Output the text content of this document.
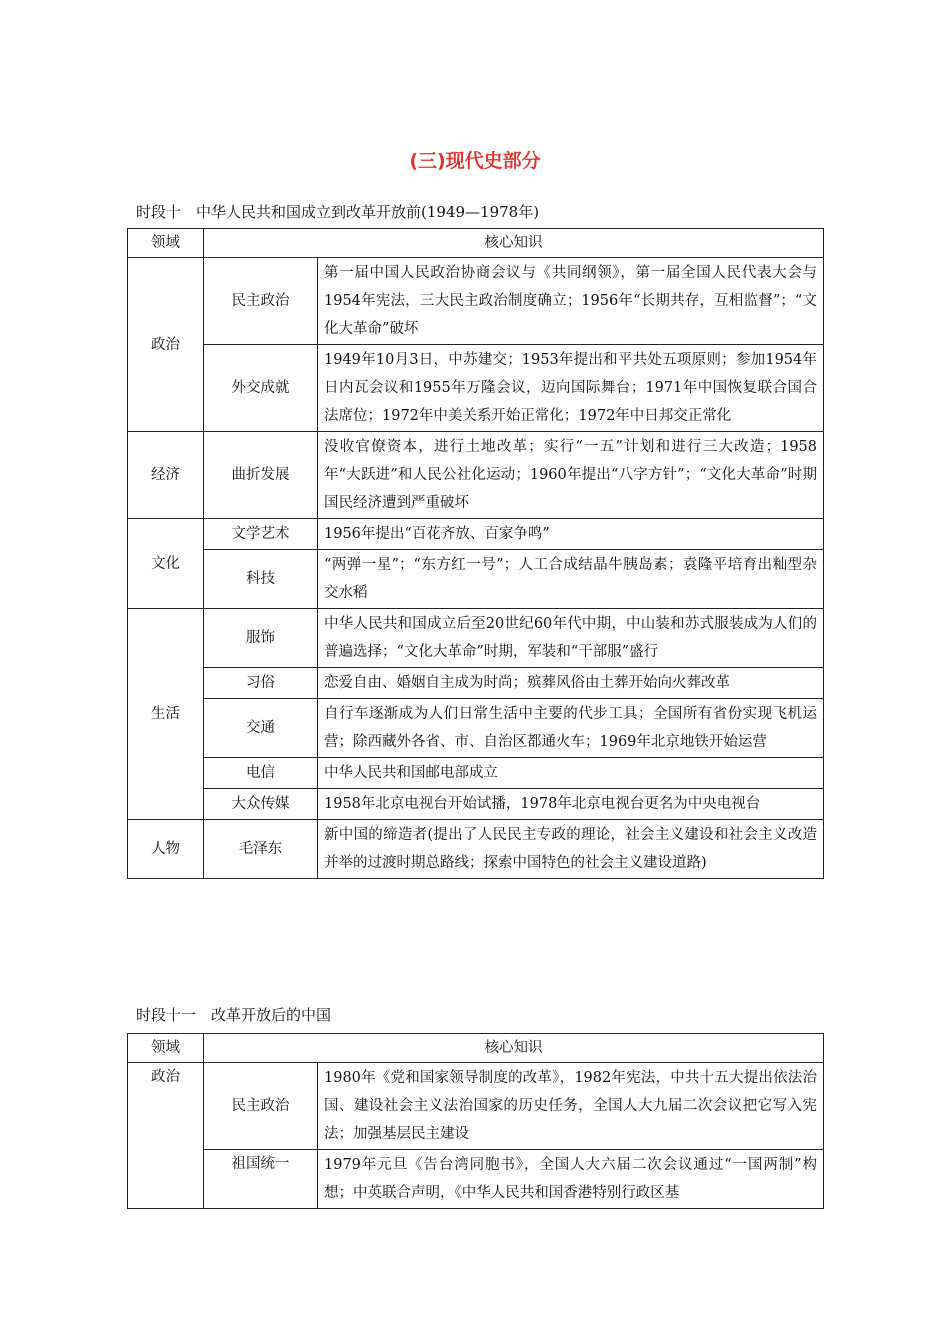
(三)现代史部分
时段十　中华人民共和国成立到改革开放前(1949—1978年)
领域	核心知识	
政治	民主政治	第一届中国人民政治协商会议与《共同纲领》，第一届全国人民代表大会与1954年宪法，三大民主政治制度确立；1956年“长期共存，互相监督”；“文化大革命”破坏
	外交成就	1949年10月3日，中苏建交；1953年提出和平共处五项原则；参加1954年日内瓦会议和1955年万隆会议，迈向国际舞台；1971年中国恢复联合国合法席位；1972年中美关系开始正常化；1972年中日邦交正常化
经济	曲折发展	没收官僚资本，进行土地改革；实行“一五”计划和进行三大改造；1958年“大跃进”和人民公社化运动；1960年提出“八字方针”；“文化大革命”时期国民经济遭到严重破坏
文化	文学艺术	1956年提出“百花齐放、百家争鸣”
	科技	“两弹一星”；“东方红一号”；人工合成结晶牛胰岛素；袁隆平培育出籼型杂交水稻
生活	服饰	中华人民共和国成立后至20世纪60年代中期，中山装和苏式服装成为人们的普遍选择；“文化大革命”时期，军装和“干部服”盛行
	习俗	恋爱自由、婚姻自主成为时尚；殡葬风俗由土葬开始向火葬改革
	交通	自行车逐渐成为人们日常生活中主要的代步工具；全国所有省份实现飞机运营；除西藏外各省、市、自治区都通火车；1969年北京地铁开始运营
	电信	中华人民共和国邮电部成立
	大众传媒	1958年北京电视台开始试播，1978年北京电视台更名为中央电视台
人物	毛泽东	新中国的缔造者(提出了人民民主专政的理论，社会主义建设和社会主义改造并举的过渡时期总路线；探索中国特色的社会主义建设道路)
时段十一　改革开放后的中国
领域	核心知识	
政治	民主政治	1980年《党和国家领导制度的改革》，1982年宪法，中共十五大提出依法治国、建设社会主义法治国家的历史任务，全国人大九届二次会议把它写入宪法；加强基层民主建设
	祖国统一	1979年元旦《告台湾同胞书》，全国人大六届二次会议通过“一国两制”构想；中英联合声明，《中华人民共和国香港特别行政区基
